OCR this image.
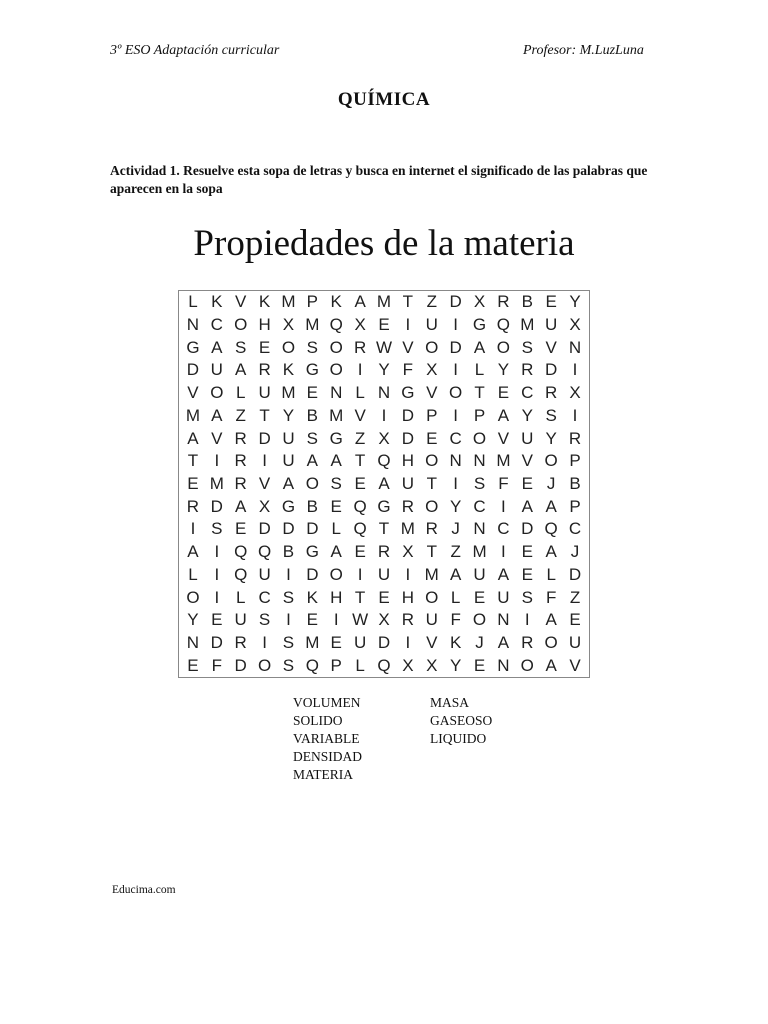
3º ESO Adaptación curricular	Profesor: M.LuzLuna
QUÍMICA
Actividad 1. Resuelve esta sopa de letras y busca en internet el significado de las palabras que aparecen en la sopa
Propiedades de la materia
L K V K M P K A M T Z D X R B E Y
N C O H X M Q X E I U I G Q M U X
G A S E O S O R W V O D A O S V N
D U A R K G O I Y F X I L Y R D I
V O L U M E N L N G V O T E C R X
M A Z T Y B M V I D P I P A Y S I
A V R D U S G Z X D E C O V U Y R
T I R I U A A T Q H O N N M V O P
E M R V A O S E A U T I S F E J B
R D A X G B E Q G R O Y C I A A P
I S E D D D L Q T M R J N C D Q C
A I Q Q B G A E R X T Z M I E A J
L I Q U I D O I U I M A U A E L D
O I L C S K H T E H O L E U S F Z
Y E U S I E I W X R U F O N I A E
N D R I S M E U D I V K J A R O U
E F D O S Q P L Q X X Y E N O A V
VOLUMEN
SOLIDO
VARIABLE
DENSIDAD
MATERIA
MASA
GASEOSO
LIQUIDO
Educima.com
